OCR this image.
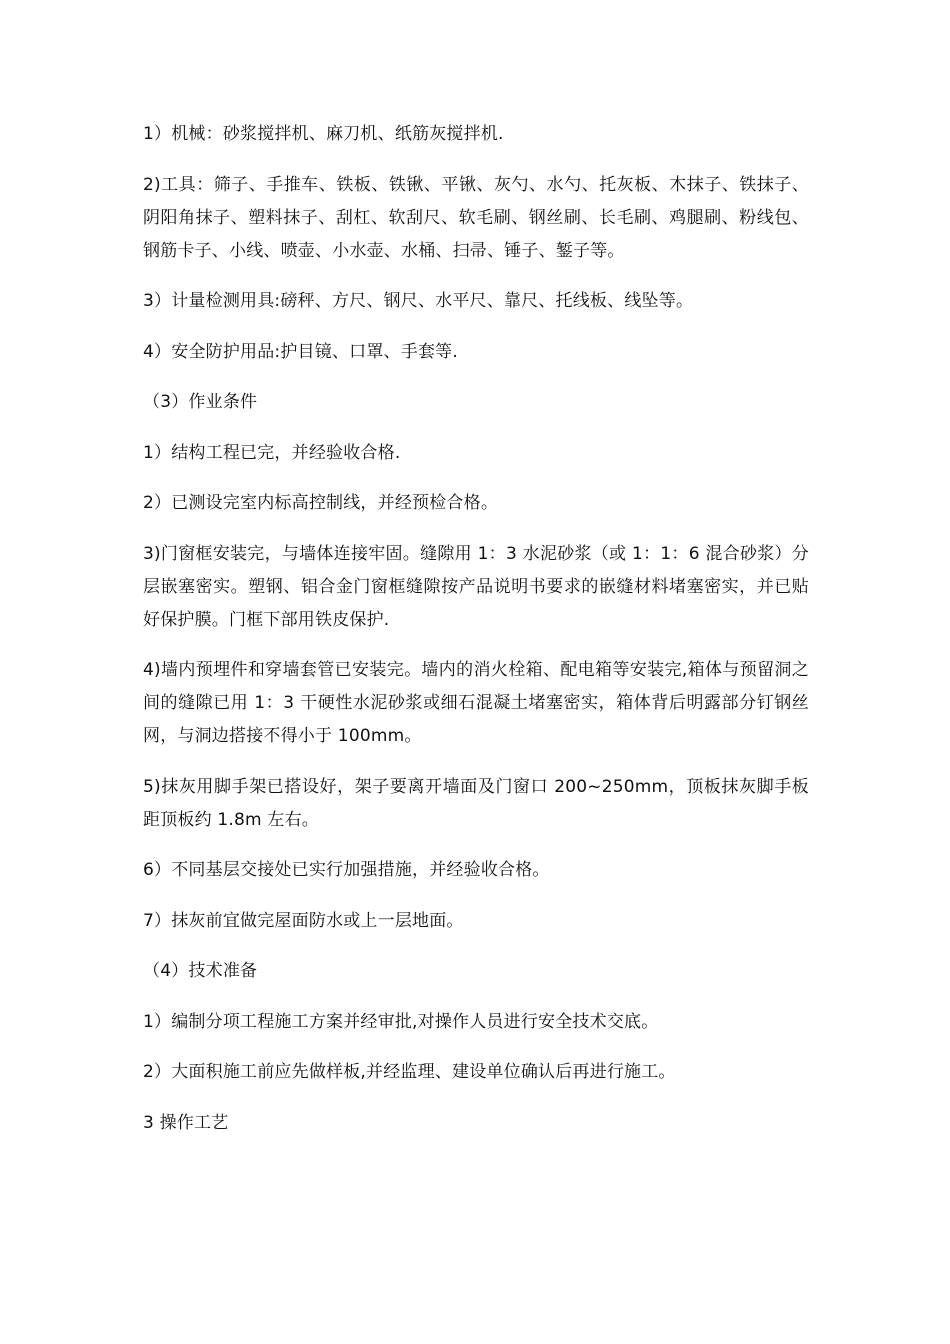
1）机械：砂浆搅拌机、麻刀机、纸筋灰搅拌机.

2)工具：筛子、手推车、铁板、铁锹、平锹、灰勺、水勺、托灰板、木抹子、铁抹子、阴阳角抹子、塑料抹子、刮杠、软刮尺、软毛刷、钢丝刷、长毛刷、鸡腿刷、粉线包、钢筋卡子、小线、喷壶、小水壶、水桶、扫帚、锤子、錾子等。

3）计量检测用具:磅秤、方尺、钢尺、水平尺、靠尺、托线板、线坠等。

4）安全防护用品:护目镜、口罩、手套等.

（3）作业条件

1）结构工程已完，并经验收合格.

2）已测设完室内标高控制线，并经预检合格。

3)门窗框安装完，与墙体连接牢固。缝隙用 1：3 水泥砂浆（或 1：1：6 混合砂浆）分层嵌塞密实。塑钢、铝合金门窗框缝隙按产品说明书要求的嵌缝材料堵塞密实，并已贴好保护膜。门框下部用铁皮保护.

4)墙内预埋件和穿墙套管已安装完。墙内的消火栓箱、配电箱等安装完,箱体与预留洞之间的缝隙已用 1：3 干硬性水泥砂浆或细石混凝土堵塞密实，箱体背后明露部分钉钢丝网，与洞边搭接不得小于 100mm。

5)抹灰用脚手架已搭设好，架子要离开墙面及门窗口 200~250mm，顶板抹灰脚手板距顶板约 1.8m 左右。

6）不同基层交接处已实行加强措施，并经验收合格。

7）抹灰前宜做完屋面防水或上一层地面。

（4）技术准备

1）编制分项工程施工方案并经审批,对操作人员进行安全技术交底。

2）大面积施工前应先做样板,并经监理、建设单位确认后再进行施工。

3 操作工艺
